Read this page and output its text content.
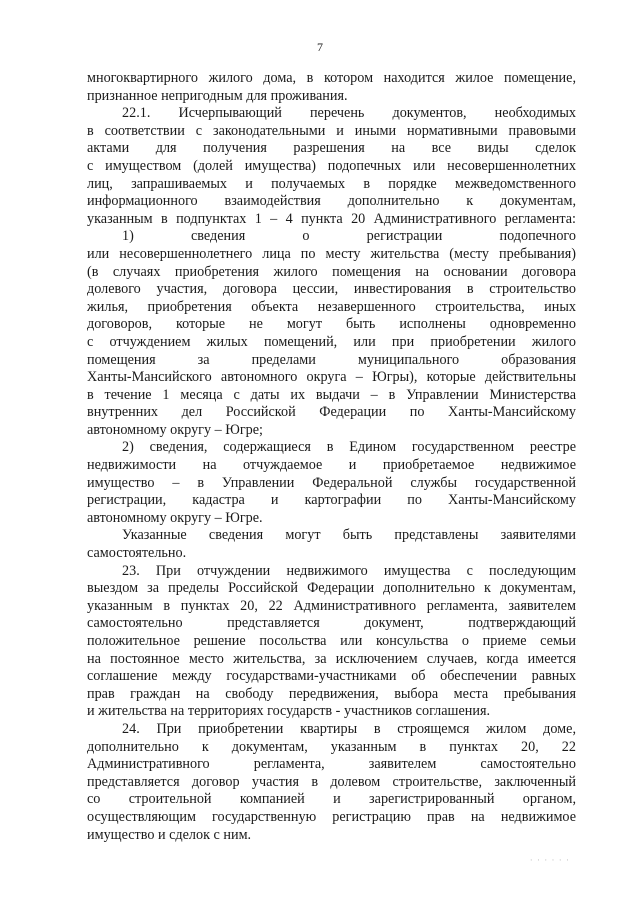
7
многоквартирного жилого дома, в котором находится жилое помещение,
признанное непригодным для проживания.
22.1. Исчерпывающий перечень документов, необходимых
в соответствии с законодательными и иными нормативными правовыми
актами для получения разрешения на все виды сделок
с имуществом (долей имущества) подопечных или несовершеннолетних
лиц, запрашиваемых и получаемых в порядке межведомственного
информационного взаимодействия дополнительно к документам,
указанным в подпунктах 1 – 4 пункта 20 Административного регламента:
1) сведения о регистрации подопечного
или несовершеннолетнего лица по месту жительства (месту пребывания)
(в случаях приобретения жилого помещения на основании договора
долевого участия, договора цессии, инвестирования в строительство
жилья, приобретения объекта незавершенного строительства, иных
договоров, которые не могут быть исполнены одновременно
с отчуждением жилых помещений, или при приобретении жилого
помещения за пределами муниципального образования
Ханты-Мансийского автономного округа – Югры), которые действительны
в течение 1 месяца с даты их выдачи – в Управлении Министерства
внутренних дел Российской Федерации по Ханты-Мансийскому
автономному округу – Югре;
2) сведения, содержащиеся в Едином государственном реестре
недвижимости на отчуждаемое и приобретаемое недвижимое
имущество – в Управлении Федеральной службы государственной
регистрации, кадастра и картографии по Ханты-Мансийскому
автономному округу – Югре.
Указанные сведения могут быть представлены заявителями
самостоятельно.
23. При отчуждении недвижимого имущества с последующим
выездом за пределы Российской Федерации дополнительно к документам,
указанным в пунктах 20, 22 Административного регламента, заявителем
самостоятельно представляется документ, подтверждающий
положительное решение посольства или консульства о приеме семьи
на постоянное место жительства, за исключением случаев, когда имеется
соглашение между государствами-участниками об обеспечении равных
прав граждан на свободу передвижения, выбора места пребывания
и жительства на территориях государств - участников соглашения.
24. При приобретении квартиры в строящемся жилом доме,
дополнительно к документам, указанным в пунктах 20, 22
Административного регламента, заявителем самостоятельно
представляется договор участия в долевом строительстве, заключенный
со строительной компанией и зарегистрированный органом,
осуществляющим государственную регистрацию прав на недвижимое
имущество и сделок с ним.
· · · · · ·
